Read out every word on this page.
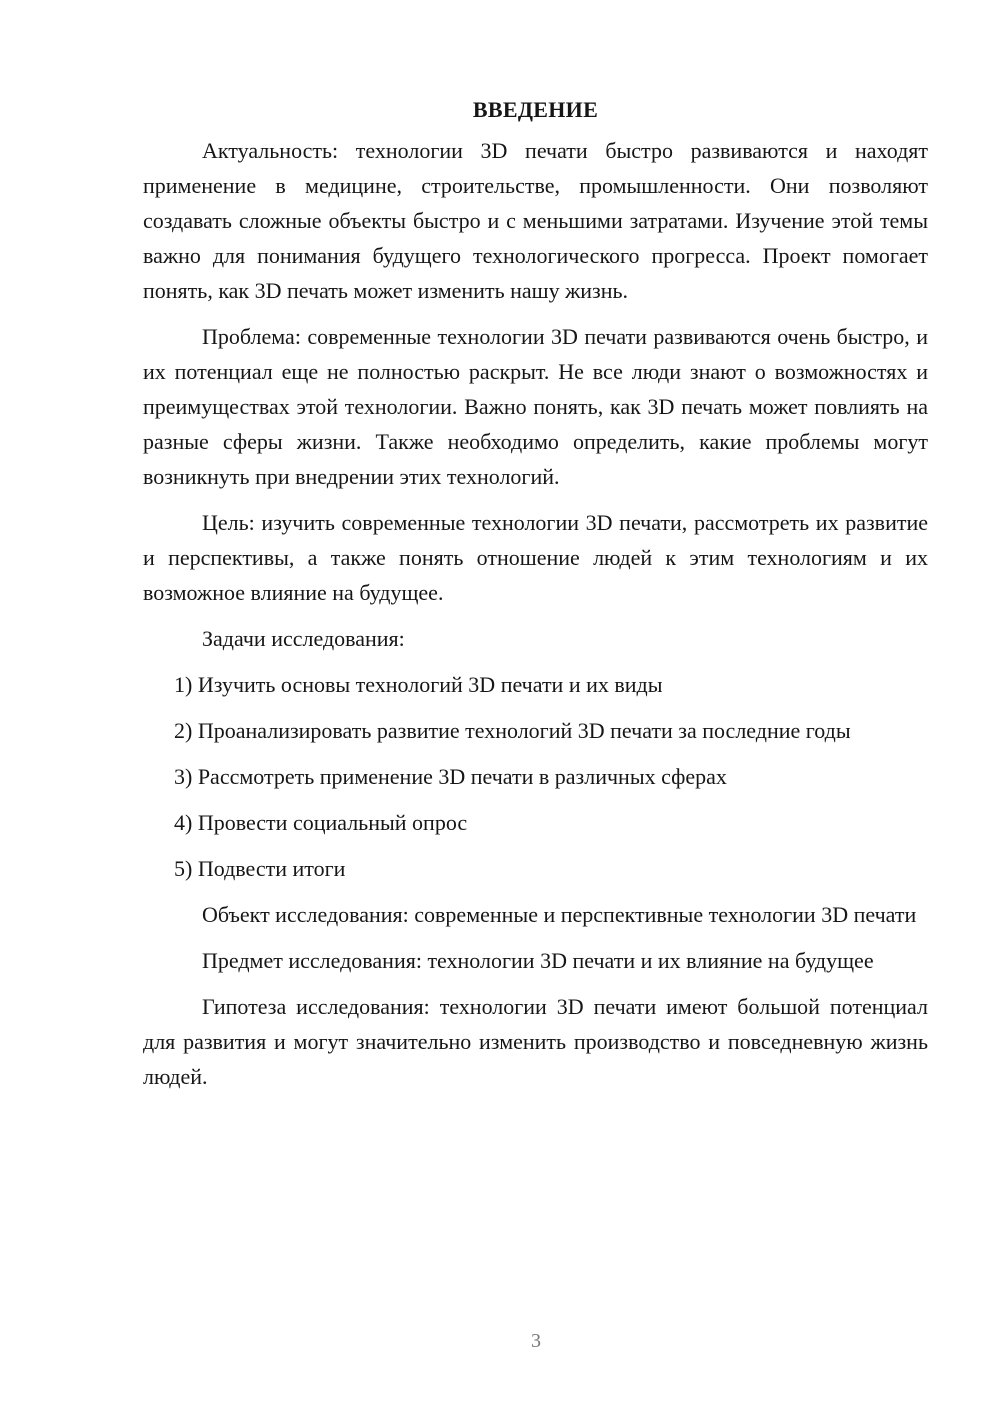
ВВЕДЕНИЕ

Актуальность: технологии 3D печати быстро развиваются и находят применение в медицине, строительстве, промышленности. Они позволяют создавать сложные объекты быстро и с меньшими затратами. Изучение этой темы важно для понимания будущего технологического прогресса. Проект помогает понять, как 3D печать может изменить нашу жизнь.

Проблема: современные технологии 3D печати развиваются очень быстро, и их потенциал еще не полностью раскрыт. Не все люди знают о возможностях и преимуществах этой технологии. Важно понять, как 3D печать может повлиять на разные сферы жизни. Также необходимо определить, какие проблемы могут возникнуть при внедрении этих технологий.

Цель: изучить современные технологии 3D печати, рассмотреть их развитие и перспективы, а также понять отношение людей к этим технологиям и их возможное влияние на будущее.

Задачи исследования:

1) Изучить основы технологий 3D печати и их виды

2) Проанализировать развитие технологий 3D печати за последние годы

3) Рассмотреть применение 3D печати в различных сферах

4) Провести социальный опрос

5) Подвести итоги

Объект исследования: современные и перспективные технологии 3D печати

Предмет исследования: технологии 3D печати и их влияние на будущее

Гипотеза исследования: технологии 3D печати имеют большой потенциал для развития и могут значительно изменить производство и повседневную жизнь людей.

3
